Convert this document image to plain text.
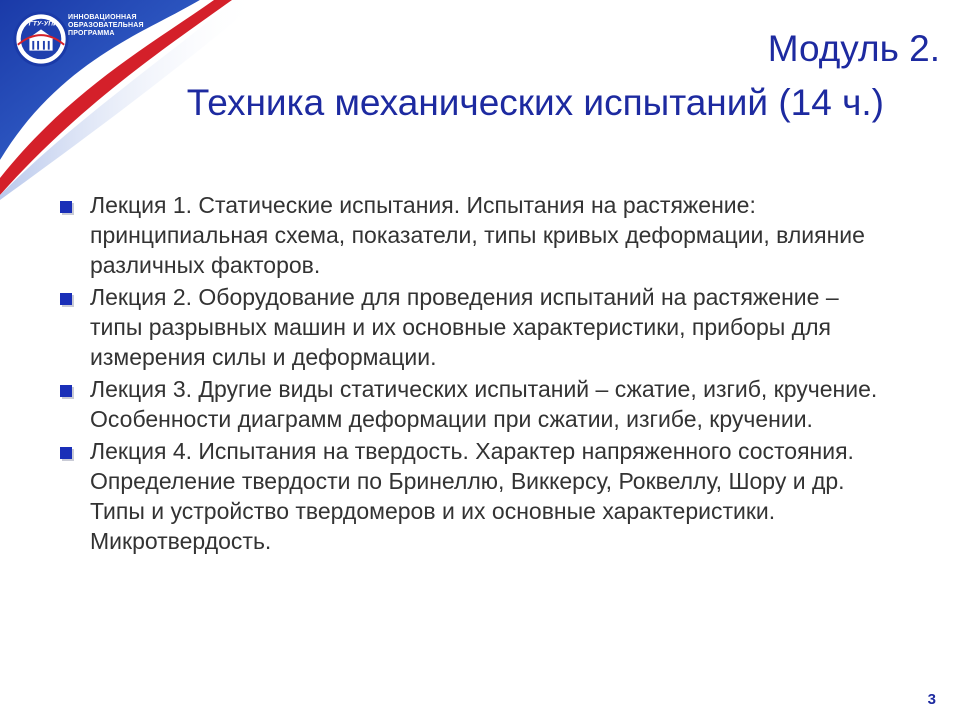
УГТУ-УПИ
ИННОВАЦИОННАЯ
ОБРАЗОВАТЕЛЬНАЯ
ПРОГРАММА	Модуль 2.
Техника механических испытаний (14 ч.)
Лекция 1. Статические испытания. Испытания на растяжение: принципиальная схема, показатели, типы кривых деформации, влияние различных факторов.
Лекция 2. Оборудование для проведения испытаний на растяжение – типы разрывных машин и их основные характеристики, приборы для измерения силы и деформации.
Лекция 3. Другие виды статических испытаний – сжатие, изгиб, кручение. Особенности диаграмм деформации при сжатии, изгибе, кручении.
Лекция 4. Испытания на твердость. Характер напряженного состояния. Определение твердости по Бринеллю, Виккерсу, Роквеллу, Шору и др. Типы и устройство твердомеров и их основные характеристики. Микротвердость.
3
